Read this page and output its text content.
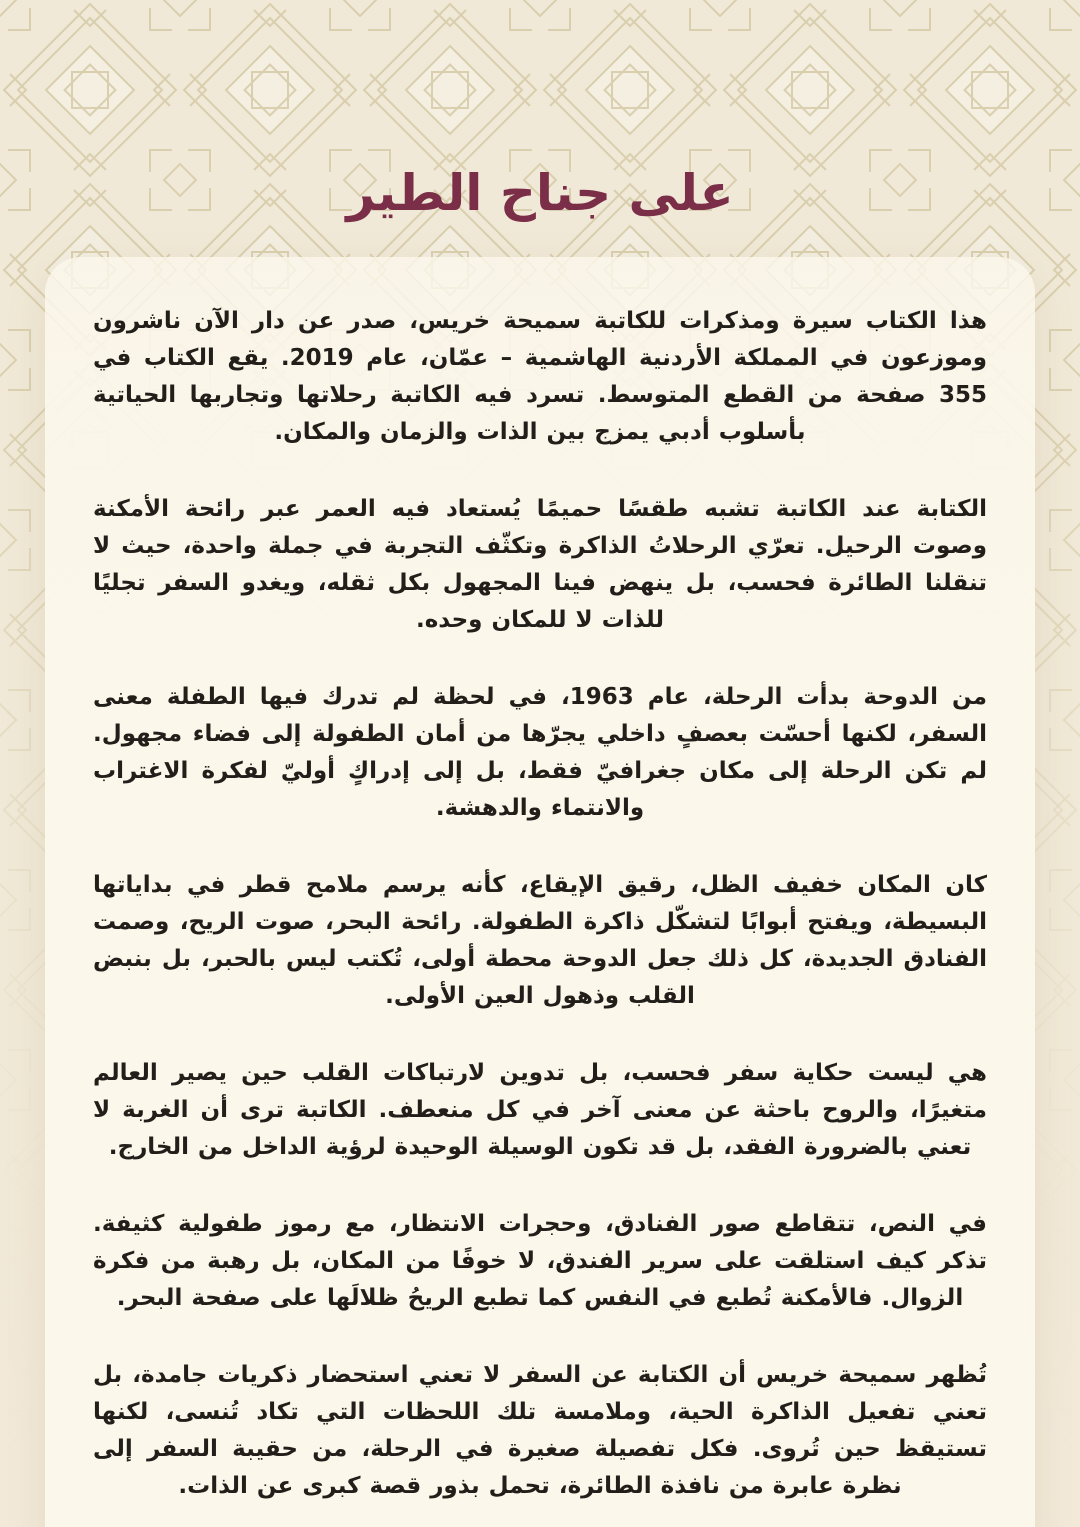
على جناح الطير

هذا الكتاب سيرة ومذكرات للكاتبة سميحة خريس، صدر عن دار الآن ناشرون وموزعون في المملكة الأردنية الهاشمية – عمّان، عام 2019. يقع الكتاب في 355 صفحة من القطع المتوسط. تسرد فيه الكاتبة رحلاتها وتجاربها الحياتية بأسلوب أدبي يمزج بين الذات والزمان والمكان.

الكتابة عند الكاتبة تشبه طقسًا حميمًا يُستعاد فيه العمر عبر رائحة الأمكنة وصوت الرحيل. تعرّي الرحلاتُ الذاكرة وتكثّف التجربة في جملة واحدة، حيث لا تنقلنا الطائرة فحسب، بل ينهض فينا المجهول بكل ثقله، ويغدو السفر تجليًا للذات لا للمكان وحده.

من الدوحة بدأت الرحلة، عام 1963، في لحظة لم تدرك فيها الطفلة معنى السفر، لكنها أحسّت بعصفٍ داخلي يجرّها من أمان الطفولة إلى فضاء مجهول. لم تكن الرحلة إلى مكان جغرافيّ فقط، بل إلى إدراكٍ أوليّ لفكرة الاغتراب والانتماء والدهشة.

كان المكان خفيف الظل، رقيق الإيقاع، كأنه يرسم ملامح قطر في بداياتها البسيطة، ويفتح أبوابًا لتشكّل ذاكرة الطفولة. رائحة البحر، صوت الريح، وصمت الفنادق الجديدة، كل ذلك جعل الدوحة محطة أولى، تُكتب ليس بالحبر، بل بنبض القلب وذهول العين الأولى.

هي ليست حكاية سفر فحسب، بل تدوين لارتباكات القلب حين يصير العالم متغيرًا، والروح باحثة عن معنى آخر في كل منعطف. الكاتبة ترى أن الغربة لا تعني بالضرورة الفقد، بل قد تكون الوسيلة الوحيدة لرؤية الداخل من الخارج.

في النص، تتقاطع صور الفنادق، وحجرات الانتظار، مع رموز طفولية كثيفة. تذكر كيف استلقت على سرير الفندق، لا خوفًا من المكان، بل رهبة من فكرة الزوال. فالأمكنة تُطبع في النفس كما تطبع الريحُ ظلالَها على صفحة البحر.

تُظهر سميحة خريس أن الكتابة عن السفر لا تعني استحضار ذكريات جامدة، بل تعني تفعيل الذاكرة الحية، وملامسة تلك اللحظات التي تكاد تُنسى، لكنها تستيقظ حين تُروى. فكل تفصيلة صغيرة في الرحلة، من حقيبة السفر إلى نظرة عابرة من نافذة الطائرة، تحمل بذور قصة كبرى عن الذات.
